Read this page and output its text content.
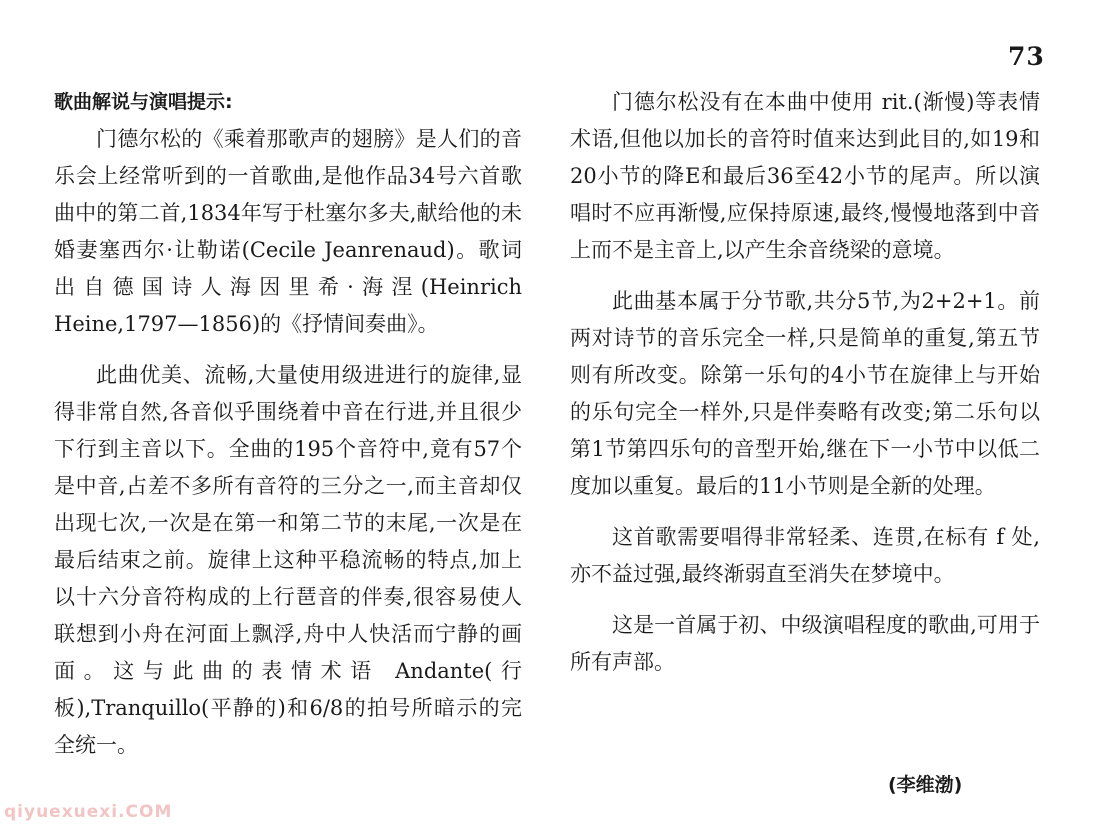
73
歌曲解说与演唱提示:

门德尔松的《乘着那歌声的翅膀》是人们的音乐会上经常听到的一首歌曲,是他作品34号六首歌曲中的第二首,1834年写于杜塞尔多夫,献给他的未婚妻塞西尔·让勒诺(Cecile Jeanrenaud)。歌词出自德国诗人海因里希·海涅(Heinrich Heine,1797—1856)的《抒情间奏曲》。

此曲优美、流畅,大量使用级进进行的旋律,显得非常自然,各音似乎围绕着中音在行进,并且很少下行到主音以下。全曲的195个音符中,竟有57个是中音,占差不多所有音符的三分之一,而主音却仅出现七次,一次是在第一和第二节的末尾,一次是在最后结束之前。旋律上这种平稳流畅的特点,加上以十六分音符构成的上行琶音的伴奏,很容易使人联想到小舟在河面上飘浮,舟中人快活而宁静的画面。这与此曲的表情术语 Andante(行板),Tranquillo(平静的)和6/8的拍号所暗示的完全统一。

门德尔松没有在本曲中使用 rit.(渐慢)等表情术语,但他以加长的音符时值来达到此目的,如19和20小节的降E和最后36至42小节的尾声。所以演唱时不应再渐慢,应保持原速,最终,慢慢地落到中音上而不是主音上,以产生余音绕梁的意境。

此曲基本属于分节歌,共分5节,为2+2+1。前两对诗节的音乐完全一样,只是简单的重复,第五节则有所改变。除第一乐句的4小节在旋律上与开始的乐句完全一样外,只是伴奏略有改变;第二乐句以第1节第四乐句的音型开始,继在下一小节中以低二度加以重复。最后的11小节则是全新的处理。

这首歌需要唱得非常轻柔、连贯,在标有 f 处,亦不益过强,最终渐弱直至消失在梦境中。

这是一首属于初、中级演唱程度的歌曲,可用于所有声部。

(李维渤)
qiyuexuexi.COM
